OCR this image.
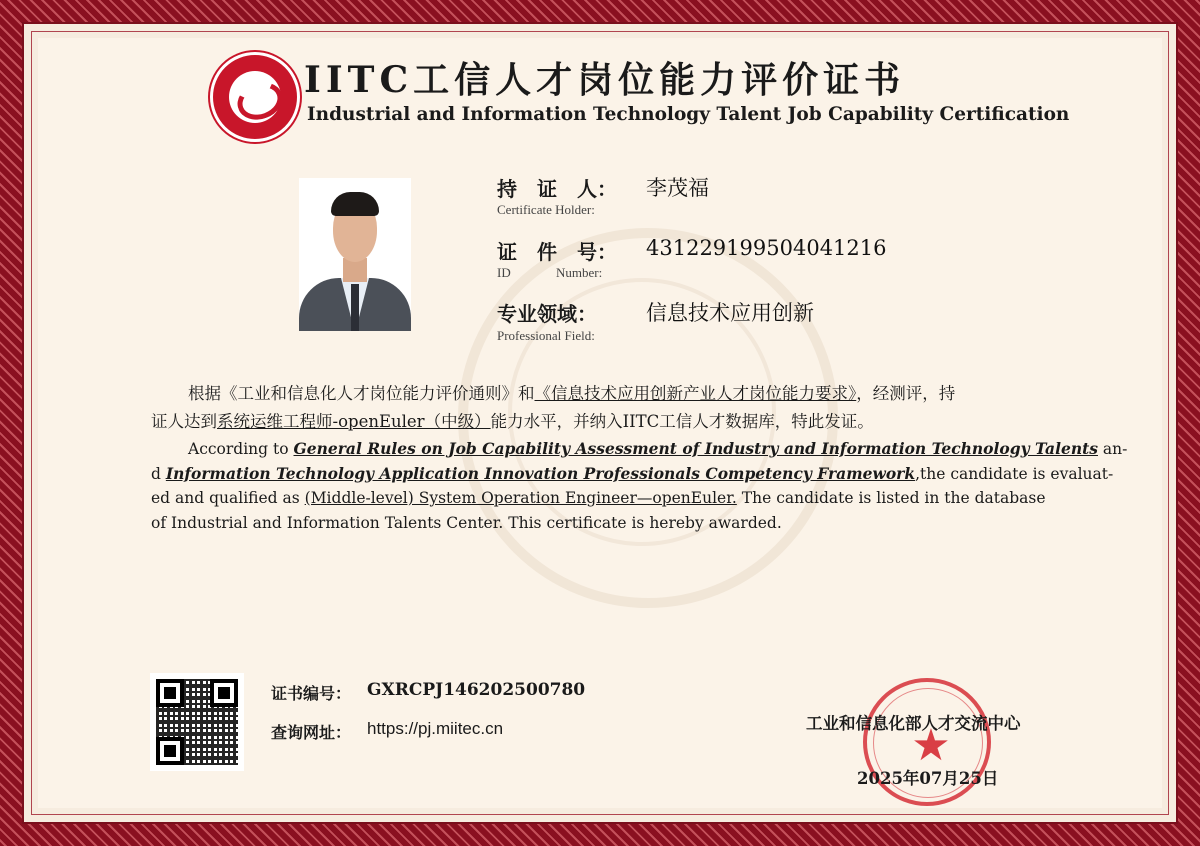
IITC工信人才岗位能力评价证书
Industrial and Information Technology Talent Job Capability Certification
持　证　人：
Certificate Holder:
李茂福
证　件　号：
ID	Number:
431229199504041216
专业领域：
Professional Field:
信息技术应用创新
根据《工业和信息化人才岗位能力评价通则》和《信息技术应用创新产业人才岗位能力要求》，经测评，持
证人达到系统运维工程师-openEuler（中级）能力水平，并纳入IITC工信人才数据库，特此发证。
According to General Rules on Job Capability Assessment of Industry and Information Technology Talents an-
d Information Technology Application Innovation Professionals Competency Framework,the candidate is evaluat-
ed and qualified as (Middle-level) System Operation Engineer—openEuler. The candidate is listed in the database
of Industrial and Information Talents Center. This certificate is hereby awarded.
证书编号： GXRCPJ146202500780
查询网址： https://pj.miitec.cn	★
工业和信息化部人才交流中心
2025年07月25日
